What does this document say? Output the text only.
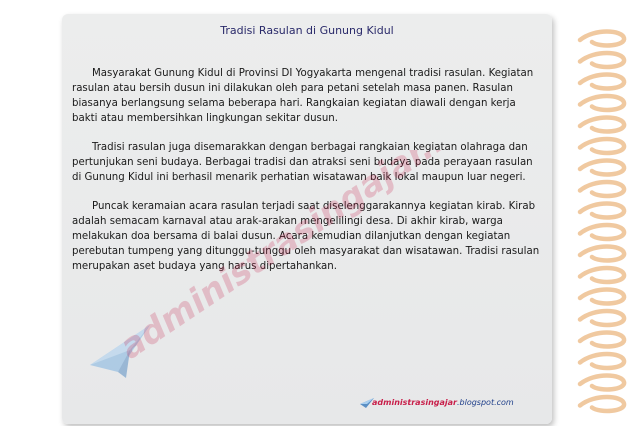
Tradisi Rasulan di Gunung Kidul

Masyarakat Gunung Kidul di Provinsi DI Yogyakarta mengenal tradisi rasulan. Kegiatan rasulan atau bersih dusun ini dilakukan oleh para petani setelah masa panen. Rasulan biasanya berlangsung selama beberapa hari. Rangkaian kegiatan diawali dengan kerja bakti atau membersihkan lingkungan sekitar dusun.

Tradisi rasulan juga disemarakkan dengan berbagai rangkaian kegiatan olahraga dan pertunjukan seni budaya. Berbagai tradisi dan atraksi seni budaya pada perayaan rasulan di Gunung Kidul ini berhasil menarik perhatian wisatawan baik lokal maupun luar negeri.

Puncak keramaian acara rasulan terjadi saat diselenggarakannya kegiatan kirab. Kirab adalah semacam karnaval atau arak-arakan mengelilingi desa. Di akhir kirab, warga melakukan doa bersama di balai dusun. Acara kemudian dilanjutkan dengan kegiatan perebutan tumpeng yang ditunggu-tunggu oleh masyarakat dan wisatawan. Tradisi rasulan merupakan aset budaya yang harus dipertahankan.

administrasingajar.blogspot.com
